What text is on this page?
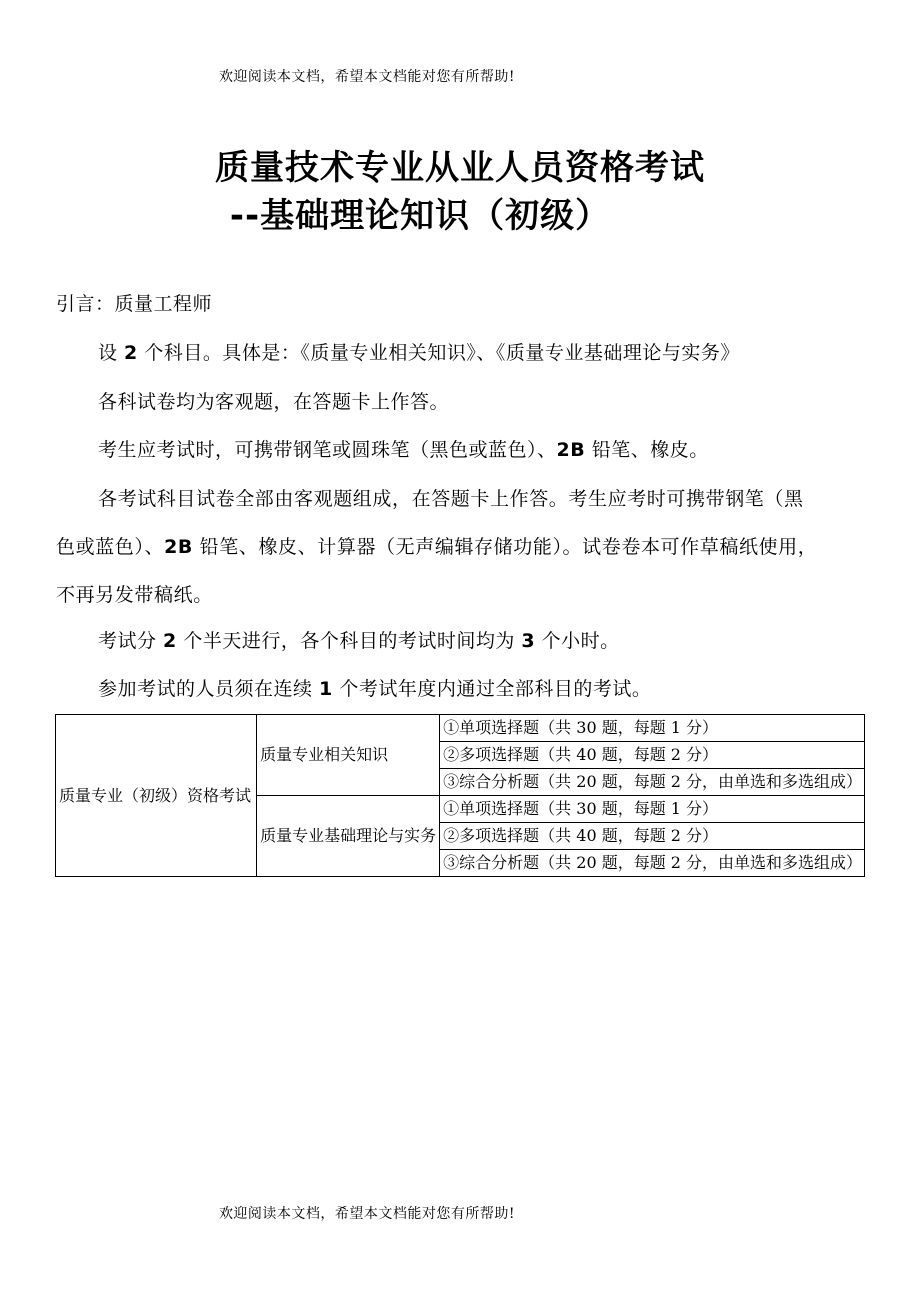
欢迎阅读本文档，希望本文档能对您有所帮助!
质量技术专业从业人员资格考试
--基础理论知识（初级）
引言：质量工程师
设 2 个科目。具体是：《质量专业相关知识》、《质量专业基础理论与实务》
各科试卷均为客观题，在答题卡上作答。
考生应考试时，可携带钢笔或圆珠笔（黑色或蓝色）、2B 铅笔、橡皮。
各考试科目试卷全部由客观题组成，在答题卡上作答。考生应考时可携带钢笔（黑
色或蓝色）、2B 铅笔、橡皮、计算器（无声编辑存储功能）。试卷卷本可作草稿纸使用，
不再另发带稿纸。
考试分 2 个半天进行，各个科目的考试时间均为 3 个小时。
参加考试的人员须在连续 1 个考试年度内通过全部科目的考试。
质量专业（初级）资格考试	质量专业相关知识	①单项选择题（共 30 题，每题 1 分）
		②多项选择题（共 40 题，每题 2 分）
		③综合分析题（共 20 题，每题 2 分，由单选和多选组成）
	质量专业基础理论与实务	①单项选择题（共 30 题，每题 1 分）
		②多项选择题（共 40 题，每题 2 分）
		③综合分析题（共 20 题，每题 2 分，由单选和多选组成）
欢迎阅读本文档，希望本文档能对您有所帮助!
